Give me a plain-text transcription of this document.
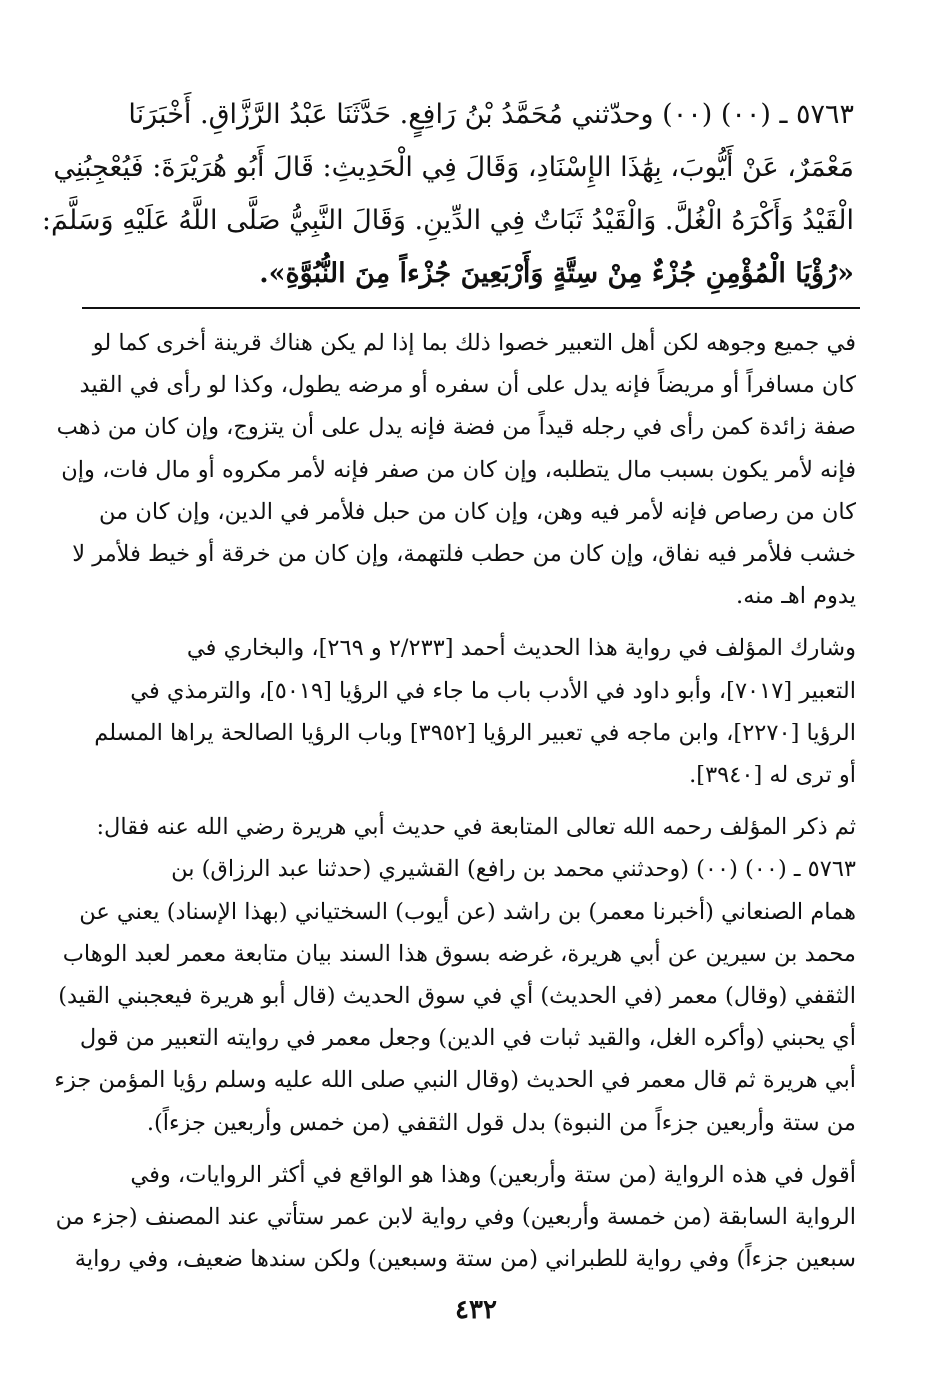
٥٧٦٣ ـ (٠٠) (٠٠) وحدّثني مُحَمَّدُ بْنُ رَافِعٍ. حَدَّثَنَا عَبْدُ الرَّزَّاقِ. أَخْبَرَنَا
مَعْمَرٌ، عَنْ أَيُّوبَ، بِهَٰذَا الإِسْنَادِ، وَقَالَ فِي الْحَدِيثِ: قَالَ أَبُو هُرَيْرَةَ: فَيُعْجِبُنِي
الْقَيْدُ وَأَكْرَهُ الْغُلَّ. وَالْقَيْدُ ثَبَاتٌ فِي الدِّينِ. وَقَالَ النَّبِيُّ صَلَّى اللَّهُ عَلَيْهِ وَسَلَّمَ:
«رُؤْيَا الْمُؤْمِنِ جُزْءٌ مِنْ سِتَّةٍ وَأَرْبَعِينَ جُزْءاً مِنَ النُّبُوَّةِ».
في جميع وجوهه لكن أهل التعبير خصوا ذلك بما إذا لم يكن هناك قرينة أخرى كما لو
كان مسافراً أو مريضاً فإنه يدل على أن سفره أو مرضه يطول، وكذا لو رأى في القيد
صفة زائدة كمن رأى في رجله قيداً من فضة فإنه يدل على أن يتزوج، وإن كان من ذهب
فإنه لأمر يكون بسبب مال يتطلبه، وإن كان من صفر فإنه لأمر مكروه أو مال فات، وإن
كان من رصاص فإنه لأمر فيه وهن، وإن كان من حبل فلأمر في الدين، وإن كان من
خشب فلأمر فيه نفاق، وإن كان من حطب فلتهمة، وإن كان من خرقة أو خيط فلأمر لا
يدوم اهـ منه.
وشارك المؤلف في رواية هذا الحديث أحمد [٢/٢٣٣ و ٢٦٩]، والبخاري في
التعبير [٧٠١٧]، وأبو داود في الأدب باب ما جاء في الرؤيا [٥٠١٩]، والترمذي في
الرؤيا [٢٢٧٠]، وابن ماجه في تعبير الرؤيا [٣٩٥٢] وباب الرؤيا الصالحة يراها المسلم
أو ترى له [٣٩٤٠].
ثم ذكر المؤلف رحمه الله تعالى المتابعة في حديث أبي هريرة رضي الله عنه فقال:
٥٧٦٣ ـ (٠٠) (٠٠) (وحدثني محمد بن رافع) القشيري (حدثنا عبد الرزاق) بن
همام الصنعاني (أخبرنا معمر) بن راشد (عن أيوب) السختياني (بهذا الإسناد) يعني عن
محمد بن سيرين عن أبي هريرة، غرضه بسوق هذا السند بيان متابعة معمر لعبد الوهاب
الثقفي (وقال) معمر (في الحديث) أي في سوق الحديث (قال أبو هريرة فيعجبني القيد)
أي يحبني (وأكره الغل، والقيد ثبات في الدين) وجعل معمر في روايته التعبير من قول
أبي هريرة ثم قال معمر في الحديث (وقال النبي صلى الله عليه وسلم رؤيا المؤمن جزء
من ستة وأربعين جزءاً من النبوة) بدل قول الثقفي (من خمس وأربعين جزءاً).
أقول في هذه الرواية (من ستة وأربعين) وهذا هو الواقع في أكثر الروايات، وفي
الرواية السابقة (من خمسة وأربعين) وفي رواية لابن عمر ستأتي عند المصنف (جزء من
سبعين جزءاً) وفي رواية للطبراني (من ستة وسبعين) ولكن سندها ضعيف، وفي رواية
٤٣٢
